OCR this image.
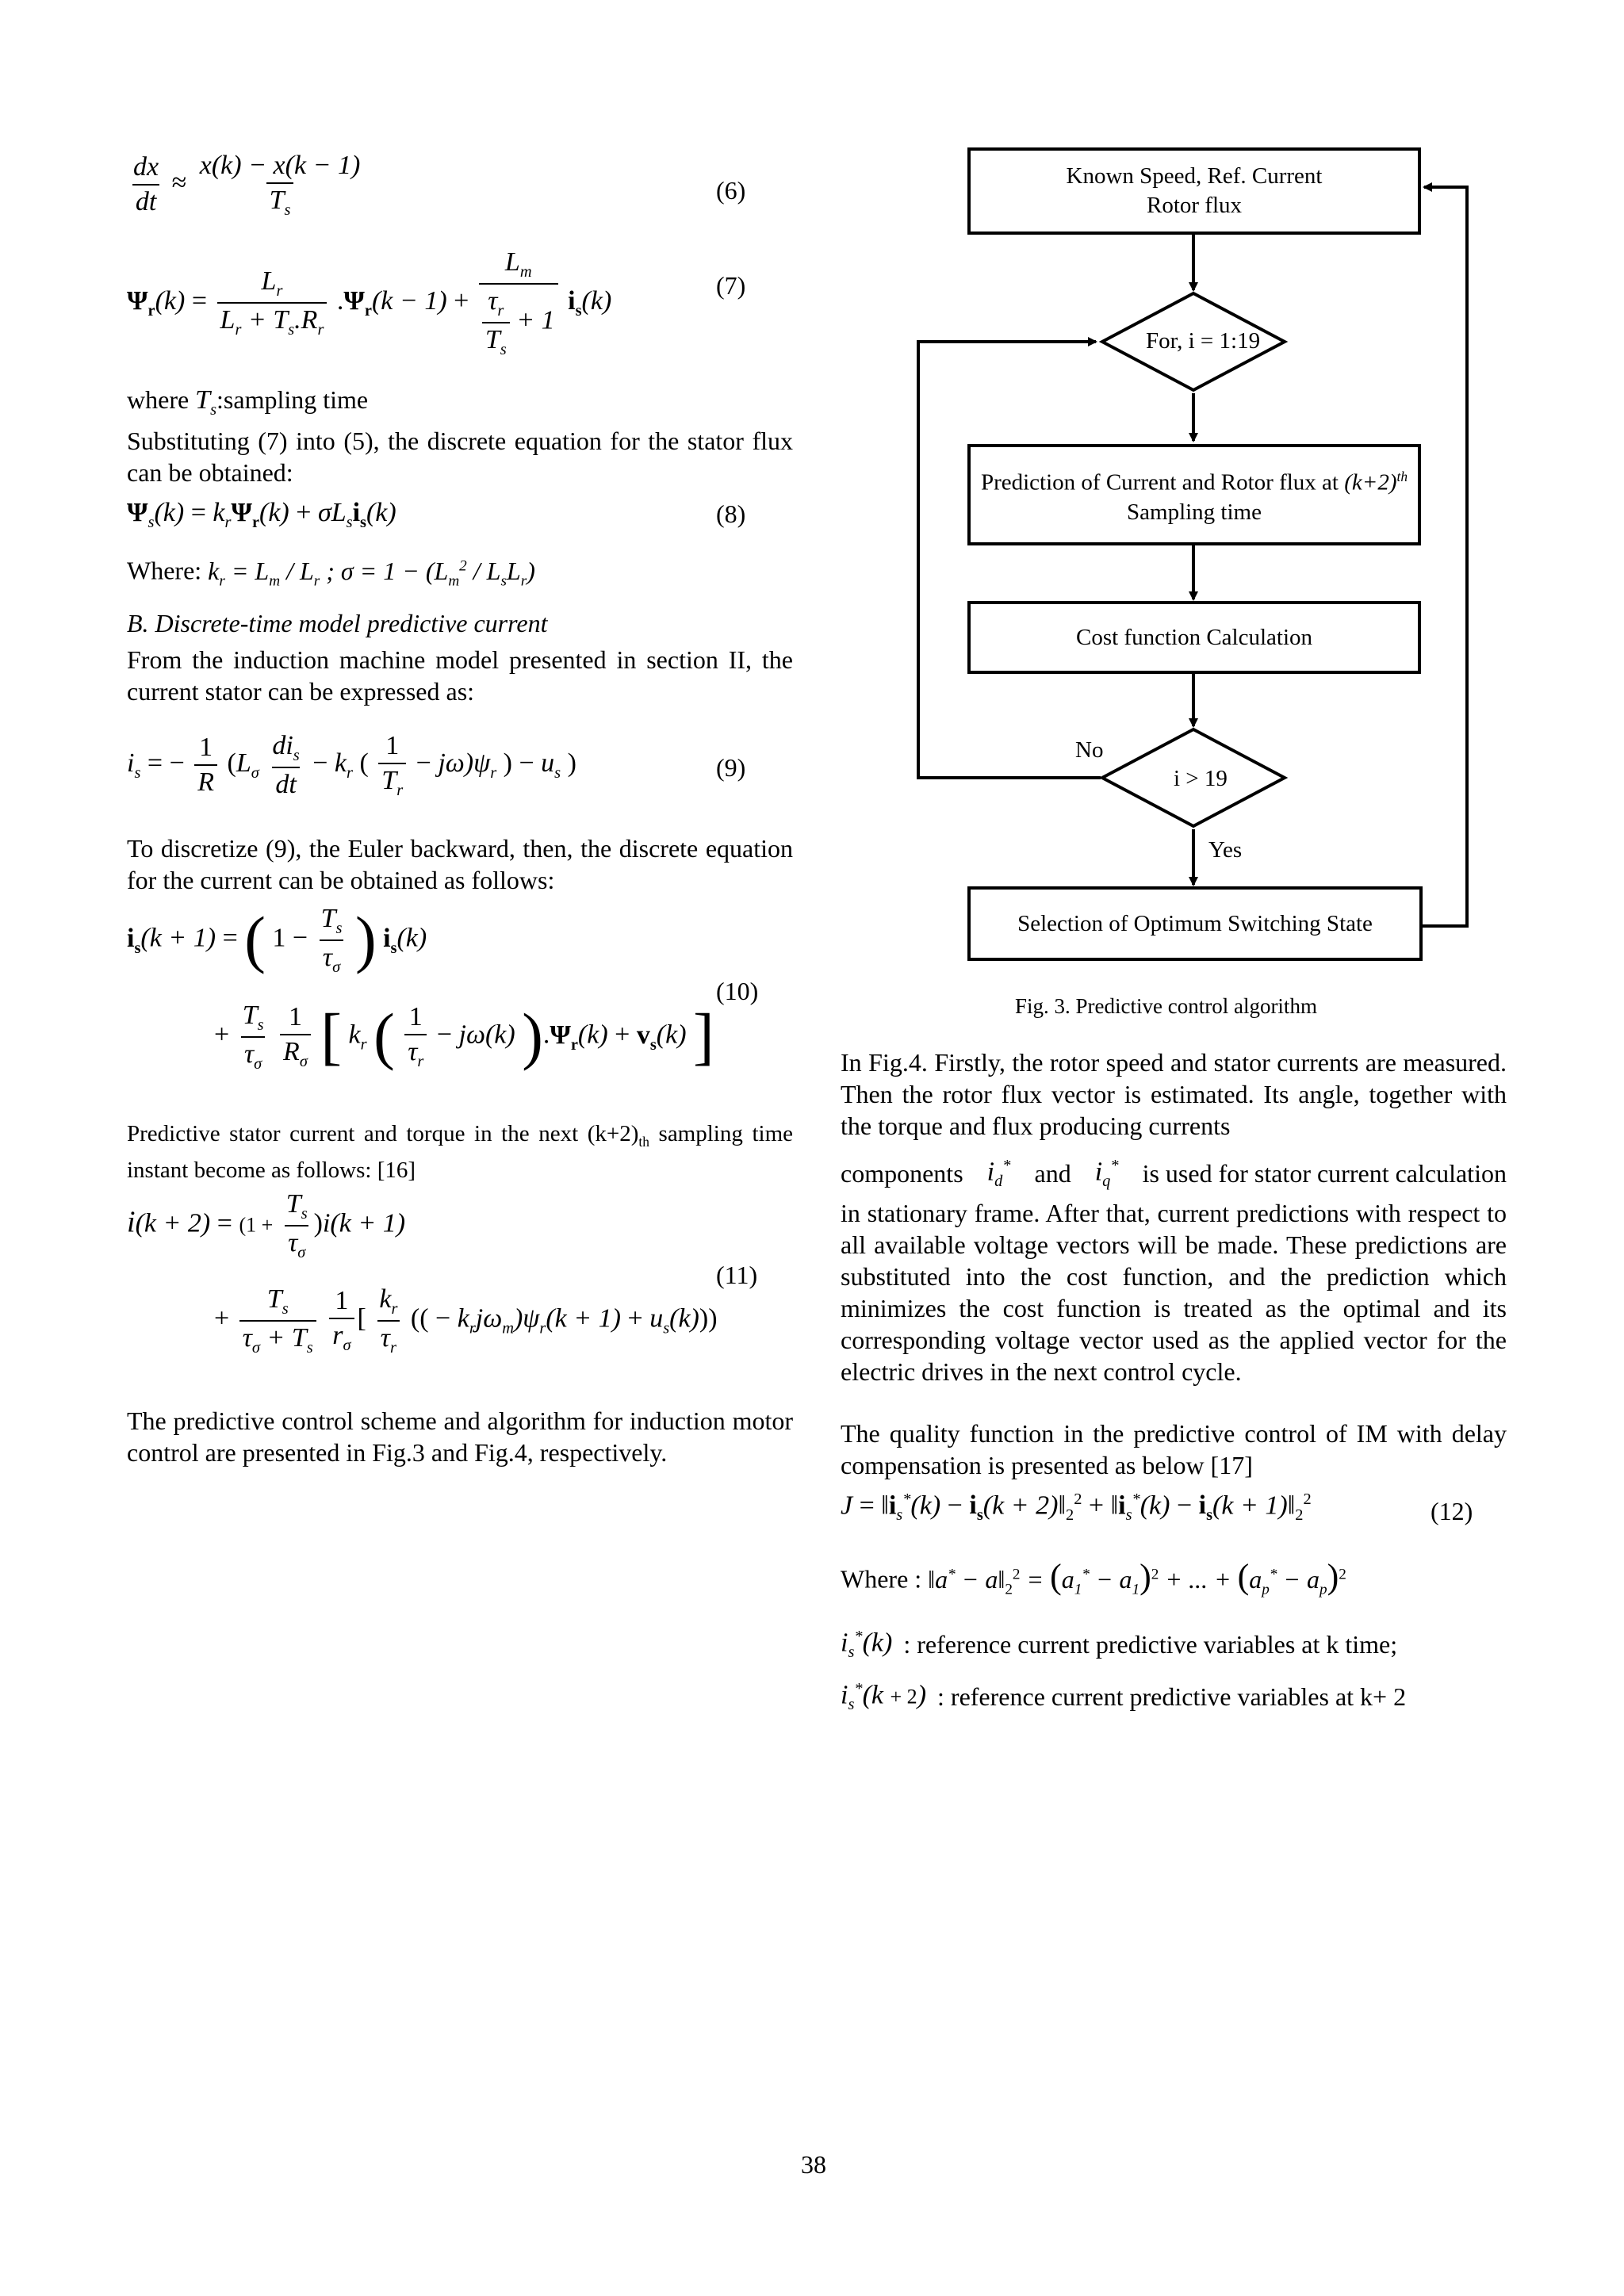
$\frac{dx}{dt} \approx \frac{x(k) - x(k - 1)}{T_s}$	(6)
$\Psi_r(k) = \frac{L_r}{L_r + T_s.R_r} .\Psi_r(k - 1) + \frac{L_m}{\frac{\tau_r}{T_s} + 1} i_s(k)$
(7)
where $T_s:sampling$ time
Substituting (7) into (5), the discrete equation for the stator flux can be obtained:
$\Psi_s(k) = k_r\Psi_r(k) + \sigma L_si_s(k)$	(8)
Where: $k_r = L_m / L_r$ ; $\sigma = 1 - (L_m^2 / L_sL_r)$
B. Discrete-time model predictive current
From the induction machine model presented in section II, the current stator can be expressed as:
$i_s$ = − $\frac{1}{R} (L_\sigma \frac{di_s}{dt} - k_r$ ( $\frac{1}{T_r} - j\omega)\psi_r$ ) − $u_s$ )	(9)
To discretize (9), the Euler backward, then, the discrete equation for the current can be obtained as follows:
$i_s(k + 1)$ = ( $1 - \frac{T_s}{\tau_\sigma}$ ) $i_s(k)$
+ $\frac{T_s}{\tau_\sigma}$
$\frac{1}{R_\sigma}$ [ $k_r$ ( $\frac{1}{\tau_r} - j\omega(k) ).\Psi_r(k) + v_s(k)$ ]
(10)
Predictive stator current and torque in the next $(k+2)_{th}$ sampling time instant become as follows: [16]
$i(k + 2) = (1 + \frac{T_s}{\tau_\sigma} )i(k + 1)$
+ $\frac{T_s}{\tau_\sigma + T_s}$
$\frac{1}{r_\sigma}$ [ $\frac{k_r}{\tau_r}$ (( − $k_rj\omega_m)\psi_r(k + 1) + u_s(k)$))
(11)
The predictive control scheme and algorithm for induction motor control are presented in Fig.3 and Fig.4, respectively.
Known Speed, Ref. Current
Rotor flux
For, i = 1:19
Prediction of Current and Rotor flux at $(k+2)^{th}$
Sampling time
Cost function Calculation
i > 19
No
Yes
Selection of Optimum Switching State
Fig. 3. Predictive control algorithm
In Fig.4. Firstly, the rotor speed and stator currents are measured. Then the rotor flux vector is estimated. Its angle, together with the torque and flux producing currents
components $i_d^*$ and $i_q^*$ is used for stator current calculation
in stationary frame. After that, current predictions with respect to all available voltage vectors will be made. These predictions are substituted into the cost function, and the prediction which minimizes the cost function is treated as the optimal and its corresponding voltage vector used as the applied vector for the electric drives in the next control cycle.
The quality function in the predictive control of IM with delay compensation is presented as below [17]
$J = ‖i_s^*(k) - i_s(k$ + $2)‖_2^2$ + $‖i_s^*(k) - i_s(k$ + $1)‖_2^2$	(12)
Where : ‖a* − $a‖_2^2 = (a_1^* - a_1)^2$ + ... + $(a_p^* - a_p)^2$
$i_s^*(k)$ : reference current predictive variables at k time;
$i_s^*(k + 2)$ : reference current predictive variables at k+ 2
38
